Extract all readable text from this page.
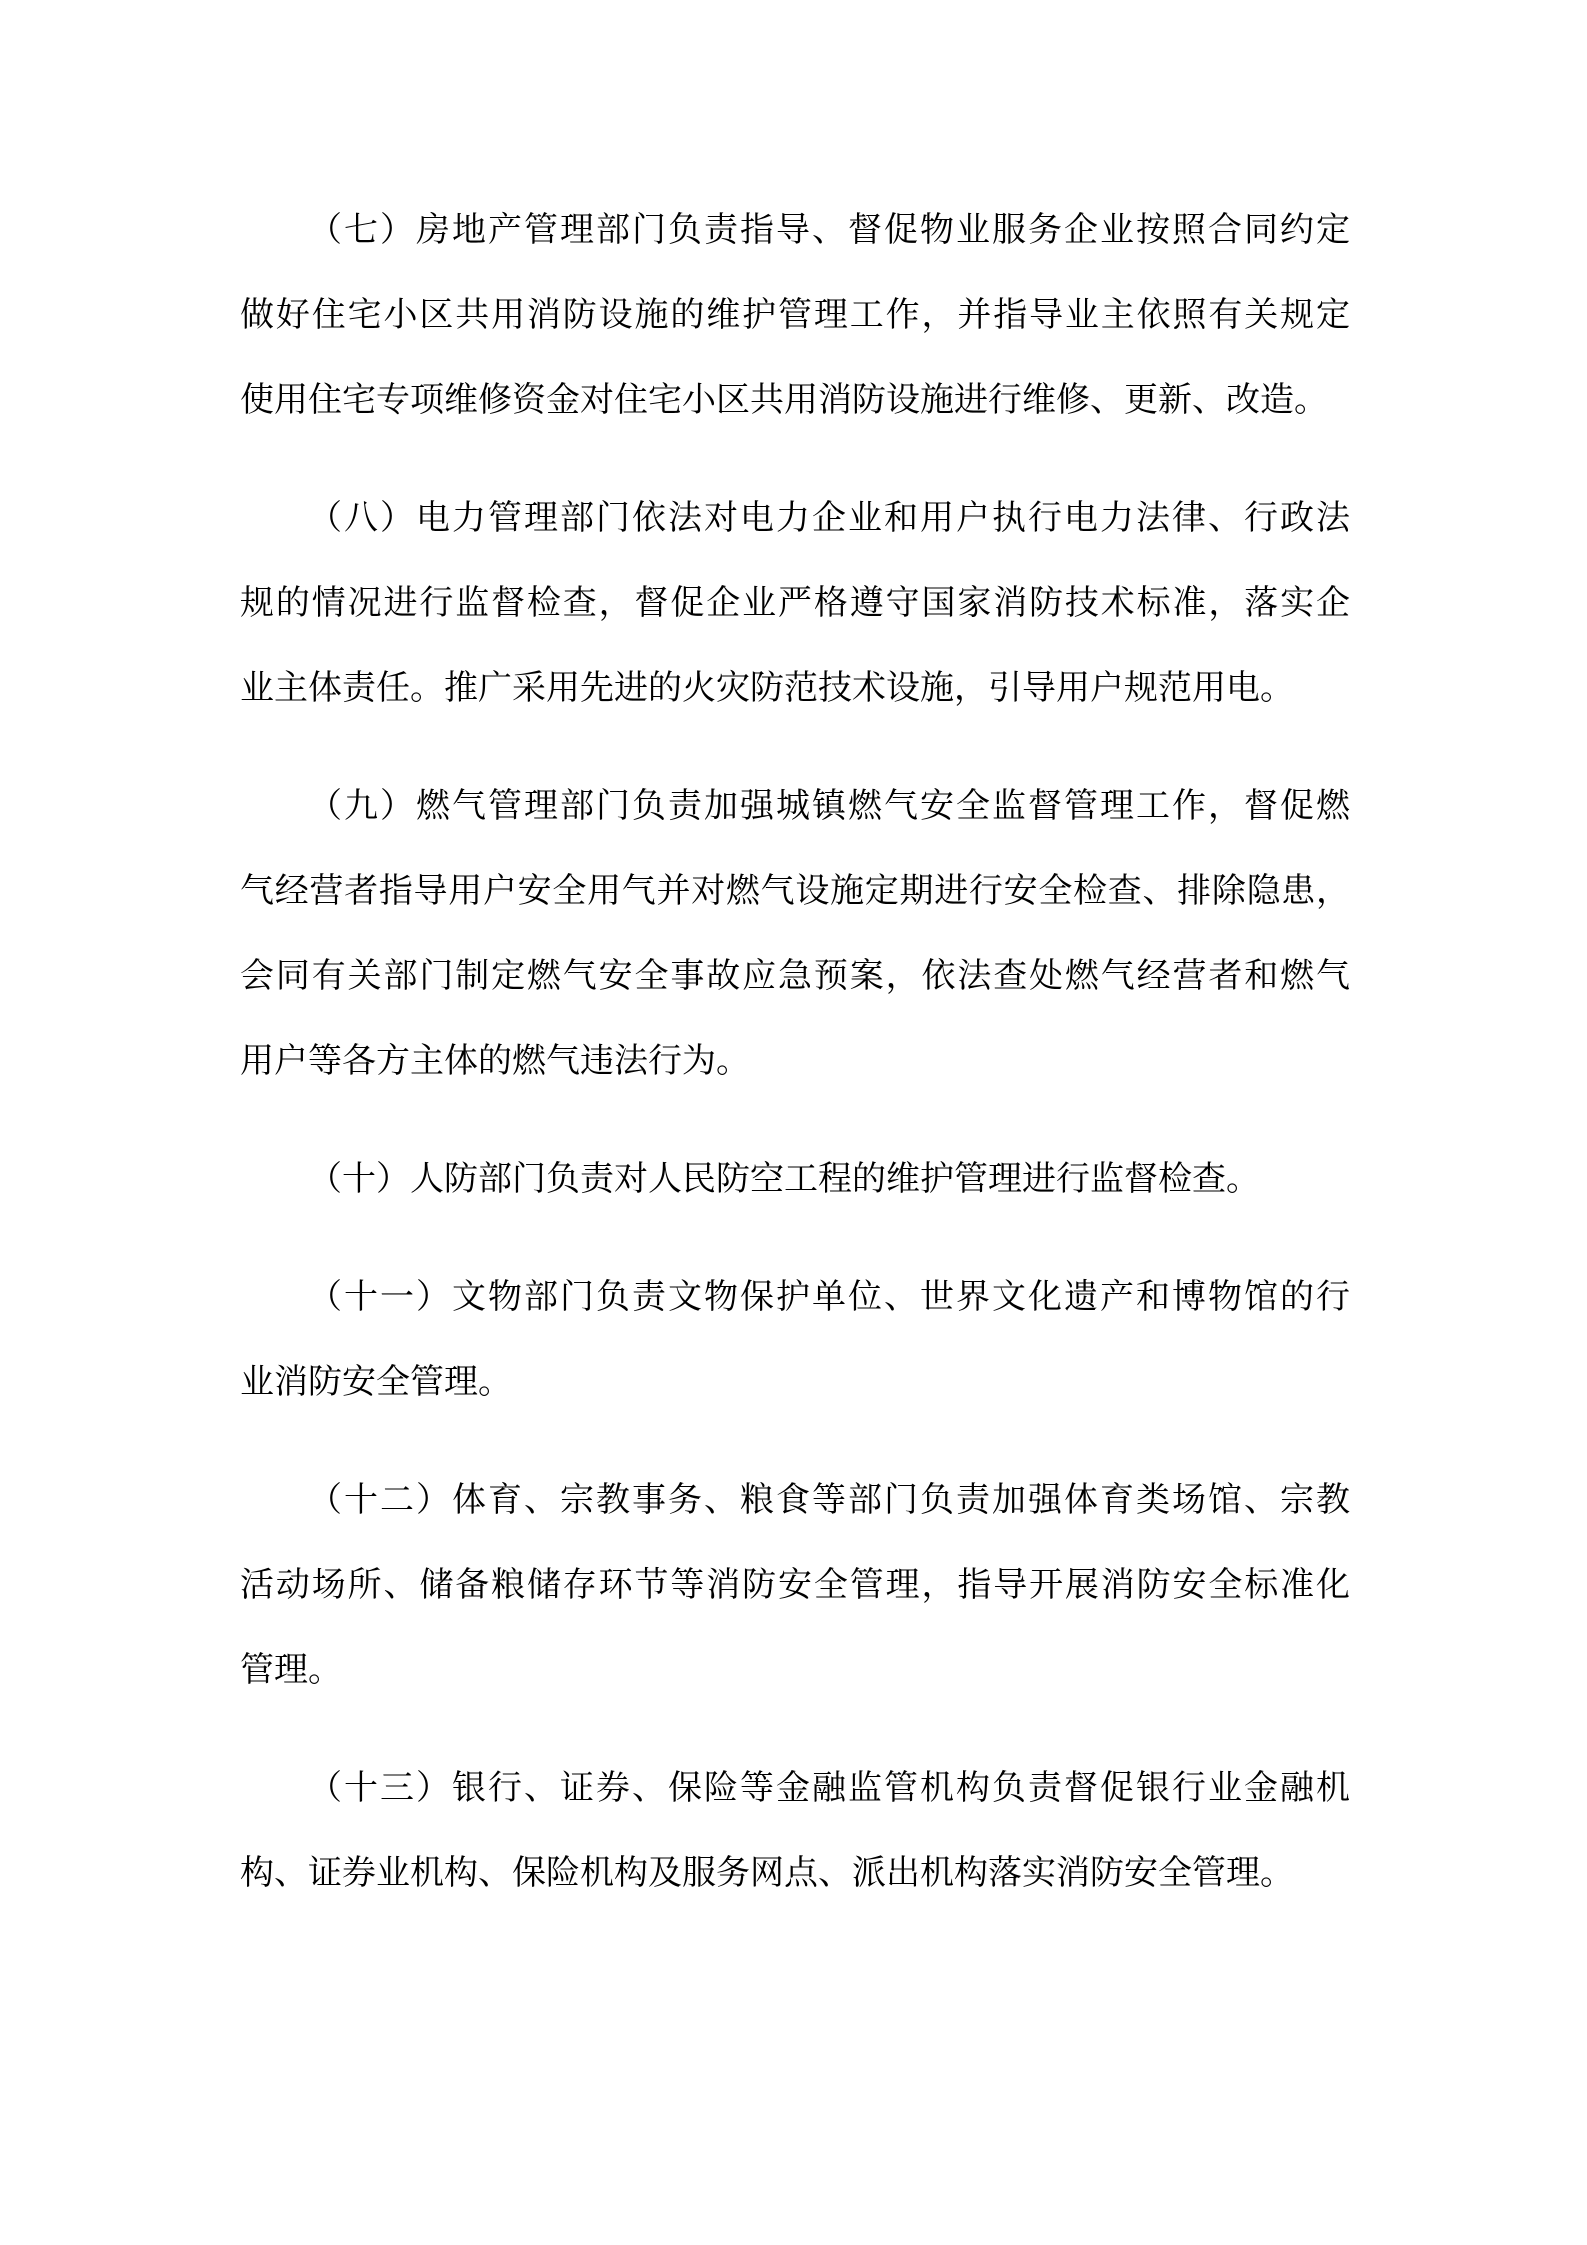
（七）房地产管理部门负责指导、督促物业服务企业按照合同约定
做好住宅小区共用消防设施的维护管理工作，并指导业主依照有关规定
使用住宅专项维修资金对住宅小区共用消防设施进行维修、更新、改造。
（八）电力管理部门依法对电力企业和用户执行电力法律、行政法
规的情况进行监督检查，督促企业严格遵守国家消防技术标准，落实企
业主体责任。推广采用先进的火灾防范技术设施，引导用户规范用电。
（九）燃气管理部门负责加强城镇燃气安全监督管理工作，督促燃
气经营者指导用户安全用气并对燃气设施定期进行安全检查、排除隐患，
会同有关部门制定燃气安全事故应急预案，依法查处燃气经营者和燃气
用户等各方主体的燃气违法行为。
（十）人防部门负责对人民防空工程的维护管理进行监督检查。
（十一）文物部门负责文物保护单位、世界文化遗产和博物馆的行
业消防安全管理。
（十二）体育、宗教事务、粮食等部门负责加强体育类场馆、宗教
活动场所、储备粮储存环节等消防安全管理，指导开展消防安全标准化
管理。
（十三）银行、证券、保险等金融监管机构负责督促银行业金融机
构、证券业机构、保险机构及服务网点、派出机构落实消防安全管理。
